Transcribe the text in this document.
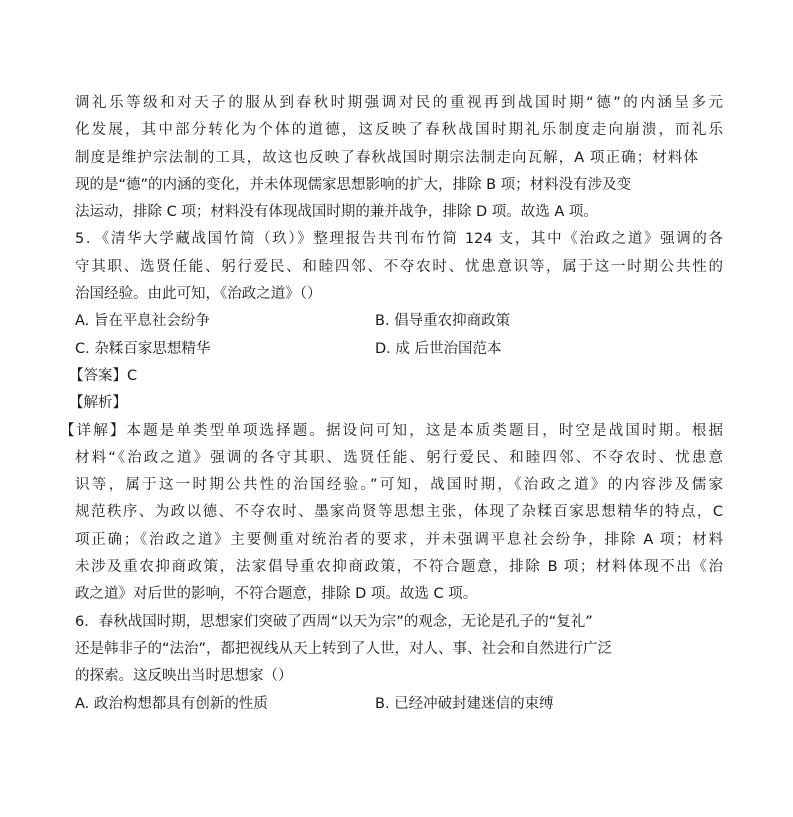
调礼乐等级和对天子的服从到春秋时期强调对民的重视再到战国时期“德”的内涵呈多元
化发展，其中部分转化为个体的道德，这反映了春秋战国时期礼乐制度走向崩溃，而礼乐
制度是维护宗法制的工具，故这也反映了春秋战国时期宗法制走向瓦解，A 项正确；材料体
现的是“德”的内涵的变化，并未体现儒家思想影响的扩大，排除 B 项；材料没有涉及变
法运动，排除 C 项；材料没有体现战国时期的兼并战争，排除 D 项。故选 A 项。
5．《清华大学藏战国竹简（玖）》整理报告共刊布竹简 124 支，其中《治政之道》强调的各
守其职、选贤任能、躬行爱民、和睦四邻、不夺农时、忧患意识等，属于这一时期公共性的
治国经验。由此可知，《治政之道》（）
A. 旨在平息社会纷争	B. 倡导重农抑商政策
C. 杂糅百家思想精华	D. 成 后世治国范本
【答案】C
【解析】
【详解】本题是单类型单项选择题。据设问可知，这是本质类题目，时空是战国时期。根据
材料“《治政之道》强调的各守其职、选贤任能、躬行爱民、和睦四邻、不夺农时、忧患意
识等，属于这一时期公共性的治国经验。”可知，战国时期，《治政之道》的内容涉及儒家
规范秩序、为政以德、不夺农时、墨家尚贤等思想主张，体现了杂糅百家思想精华的特点，C
项正确；《治政之道》主要侧重对统治者的要求，并未强调平息社会纷争，排除 A 项；材料
未涉及重农抑商政策，法家倡导重农抑商政策，不符合题意，排除 B 项；材料体现不出《治
政之道》对后世的影响，不符合题意，排除 D 项。故选 C 项。
6．春秋战国时期，思想家们突破了西周“以天为宗”的观念，无论是孔子的“复礼”
还是韩非子的“法治”，都把视线从天上转到了人世，对人、事、社会和自然进行广泛
的探索。这反映出当时思想家（）
A. 政治构想都具有创新的性质	B. 已经冲破封建迷信的束缚
